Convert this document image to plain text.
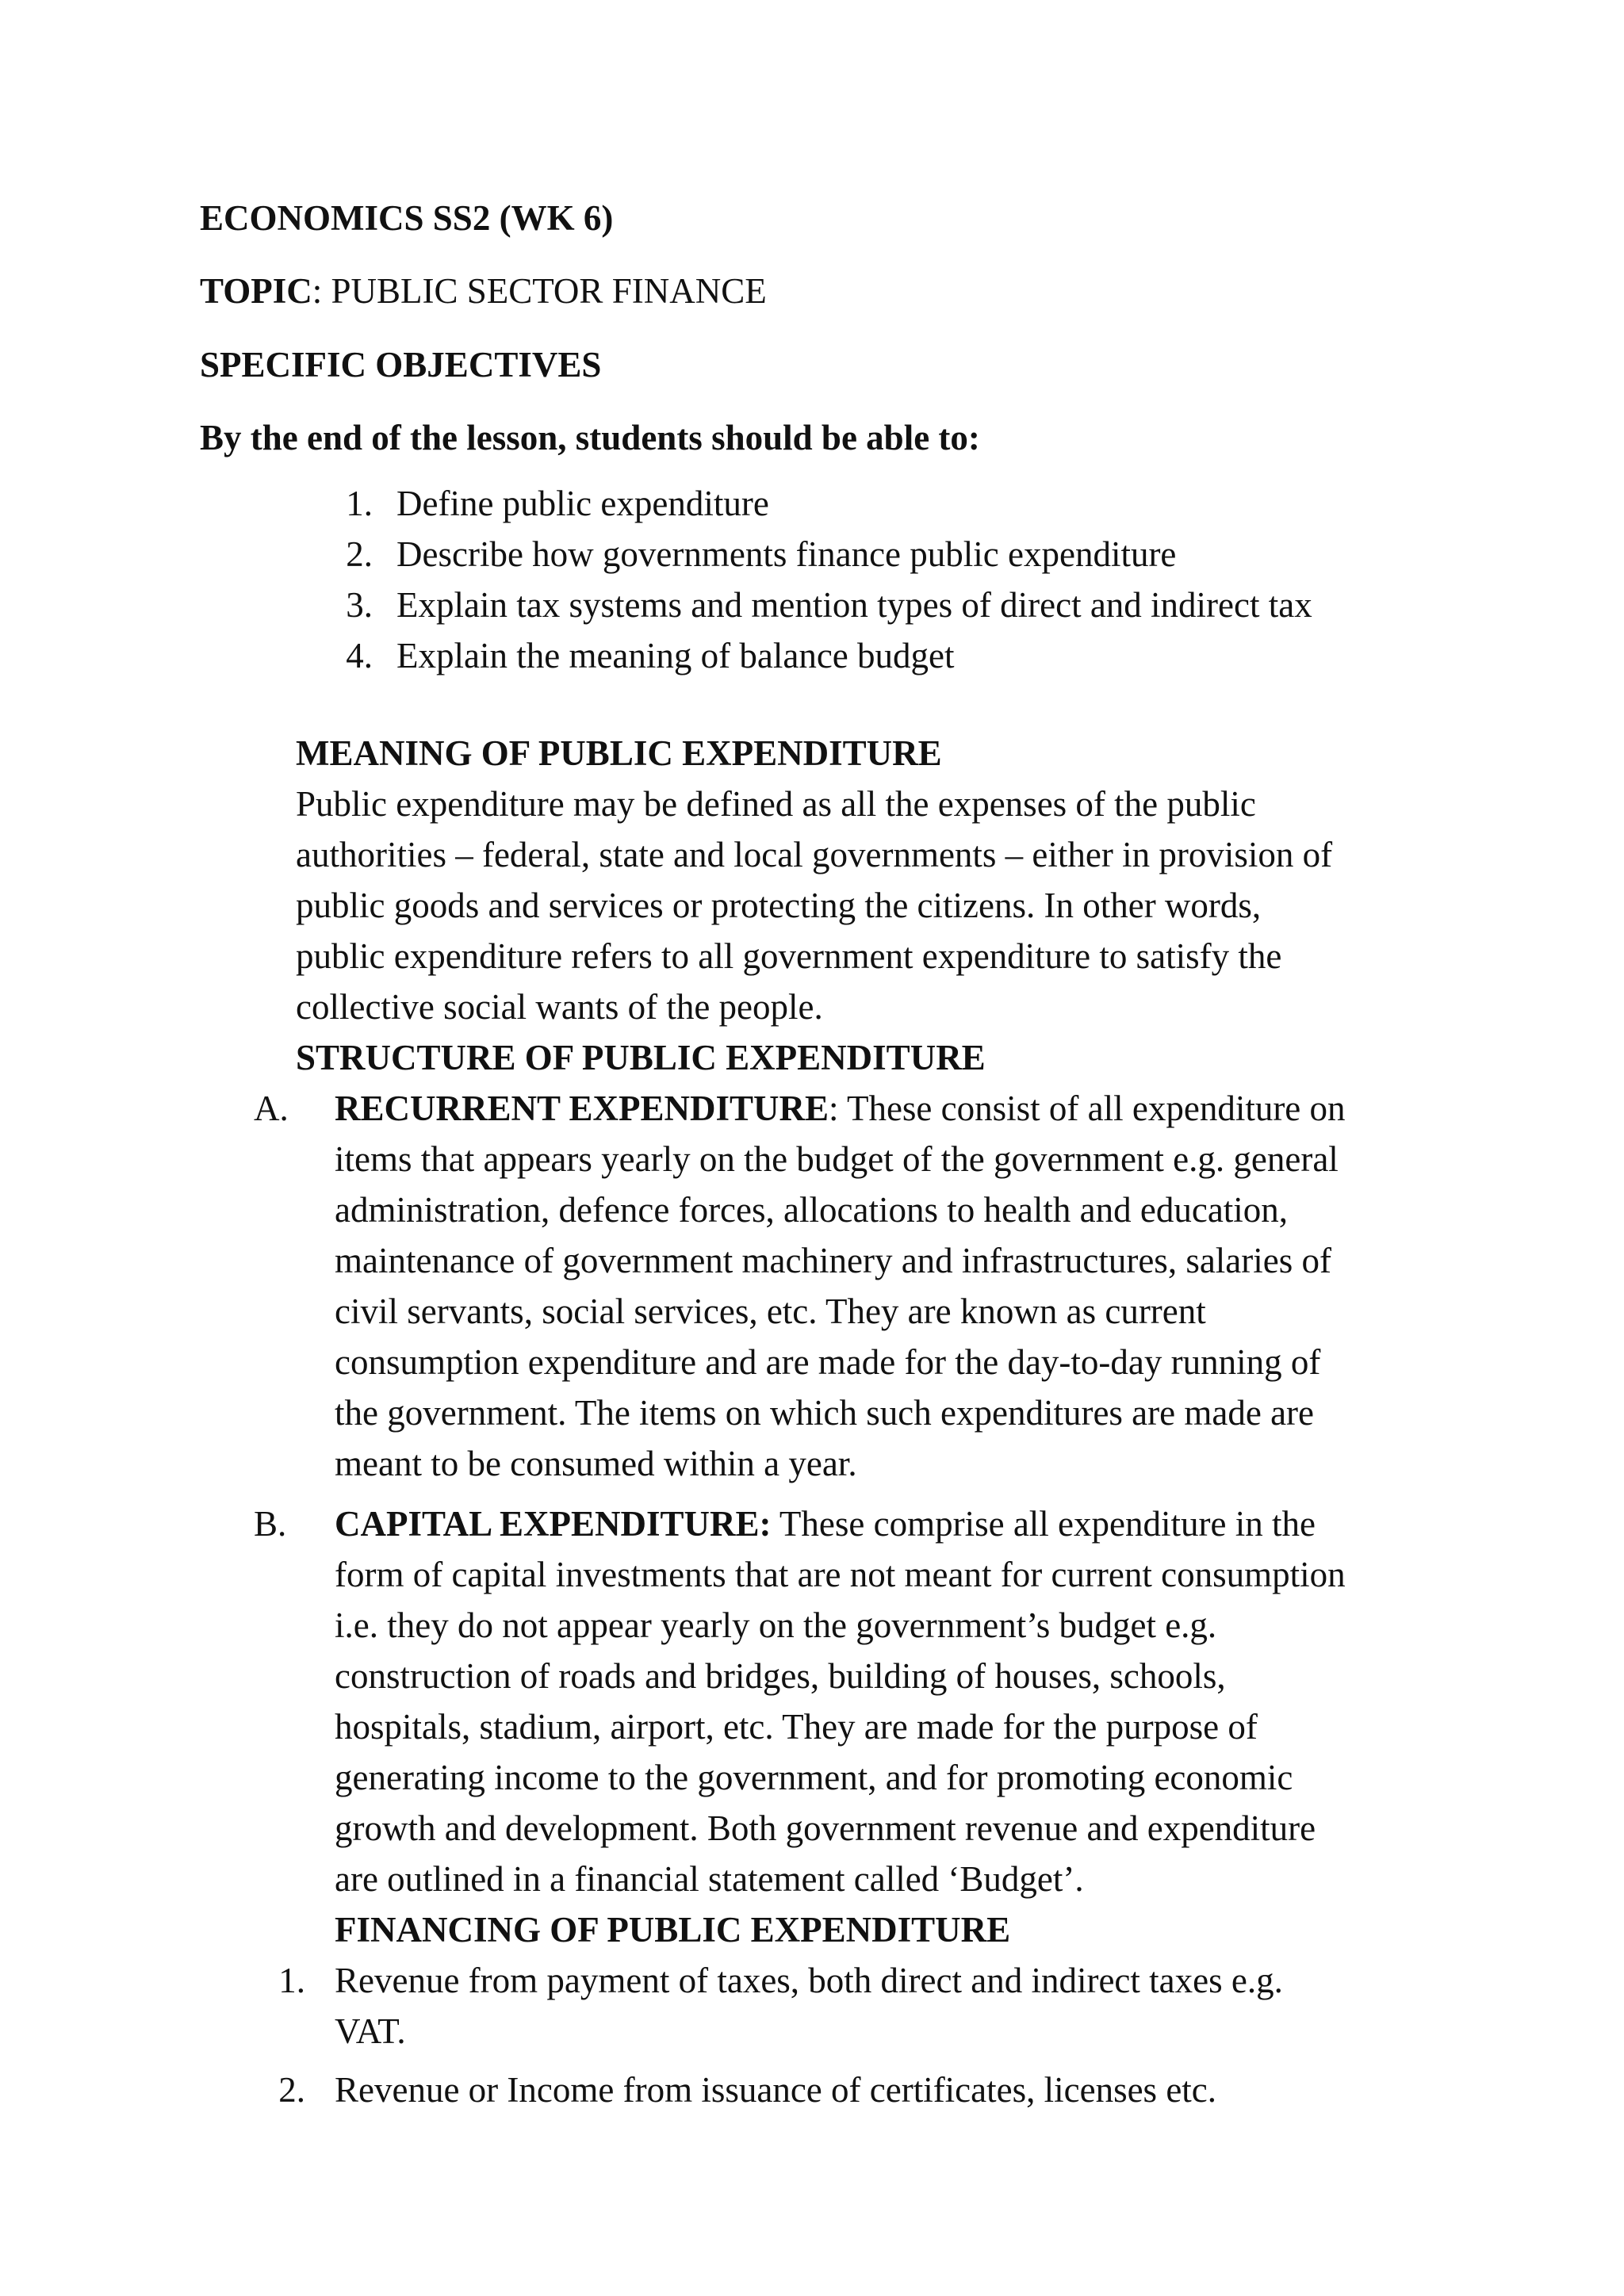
ECONOMICS SS2 (WK 6)
TOPIC: PUBLIC SECTOR FINANCE
SPECIFIC OBJECTIVES
By the end of the lesson, students should be able to:
1. Define public expenditure
2. Describe how governments finance public expenditure
3. Explain tax systems and mention types of direct and indirect tax
4. Explain the meaning of balance budget
MEANING OF PUBLIC EXPENDITURE
Public expenditure may be defined as all the expenses of the public
authorities – federal, state and local governments – either in provision of
public goods and services or protecting the citizens. In other words,
public expenditure refers to all government expenditure to satisfy the
collective social wants of the people.
STRUCTURE OF PUBLIC EXPENDITURE
A. RECURRENT EXPENDITURE: These consist of all expenditure on
items that appears yearly on the budget of the government e.g. general
administration, defence forces, allocations to health and education,
maintenance of government machinery and infrastructures, salaries of
civil servants, social services, etc. They are known as current
consumption expenditure and are made for the day-to-day running of
the government. The items on which such expenditures are made are
meant to be consumed within a year.
B. CAPITAL EXPENDITURE: These comprise all expenditure in the
form of capital investments that are not meant for current consumption
i.e. they do not appear yearly on the government’s budget e.g.
construction of roads and bridges, building of houses, schools,
hospitals, stadium, airport, etc. They are made for the purpose of
generating income to the government, and for promoting economic
growth and development. Both government revenue and expenditure
are outlined in a financial statement called ‘Budget’.
FINANCING OF PUBLIC EXPENDITURE
1. Revenue from payment of taxes, both direct and indirect taxes e.g.
VAT.
2. Revenue or Income from issuance of certificates, licenses etc.
